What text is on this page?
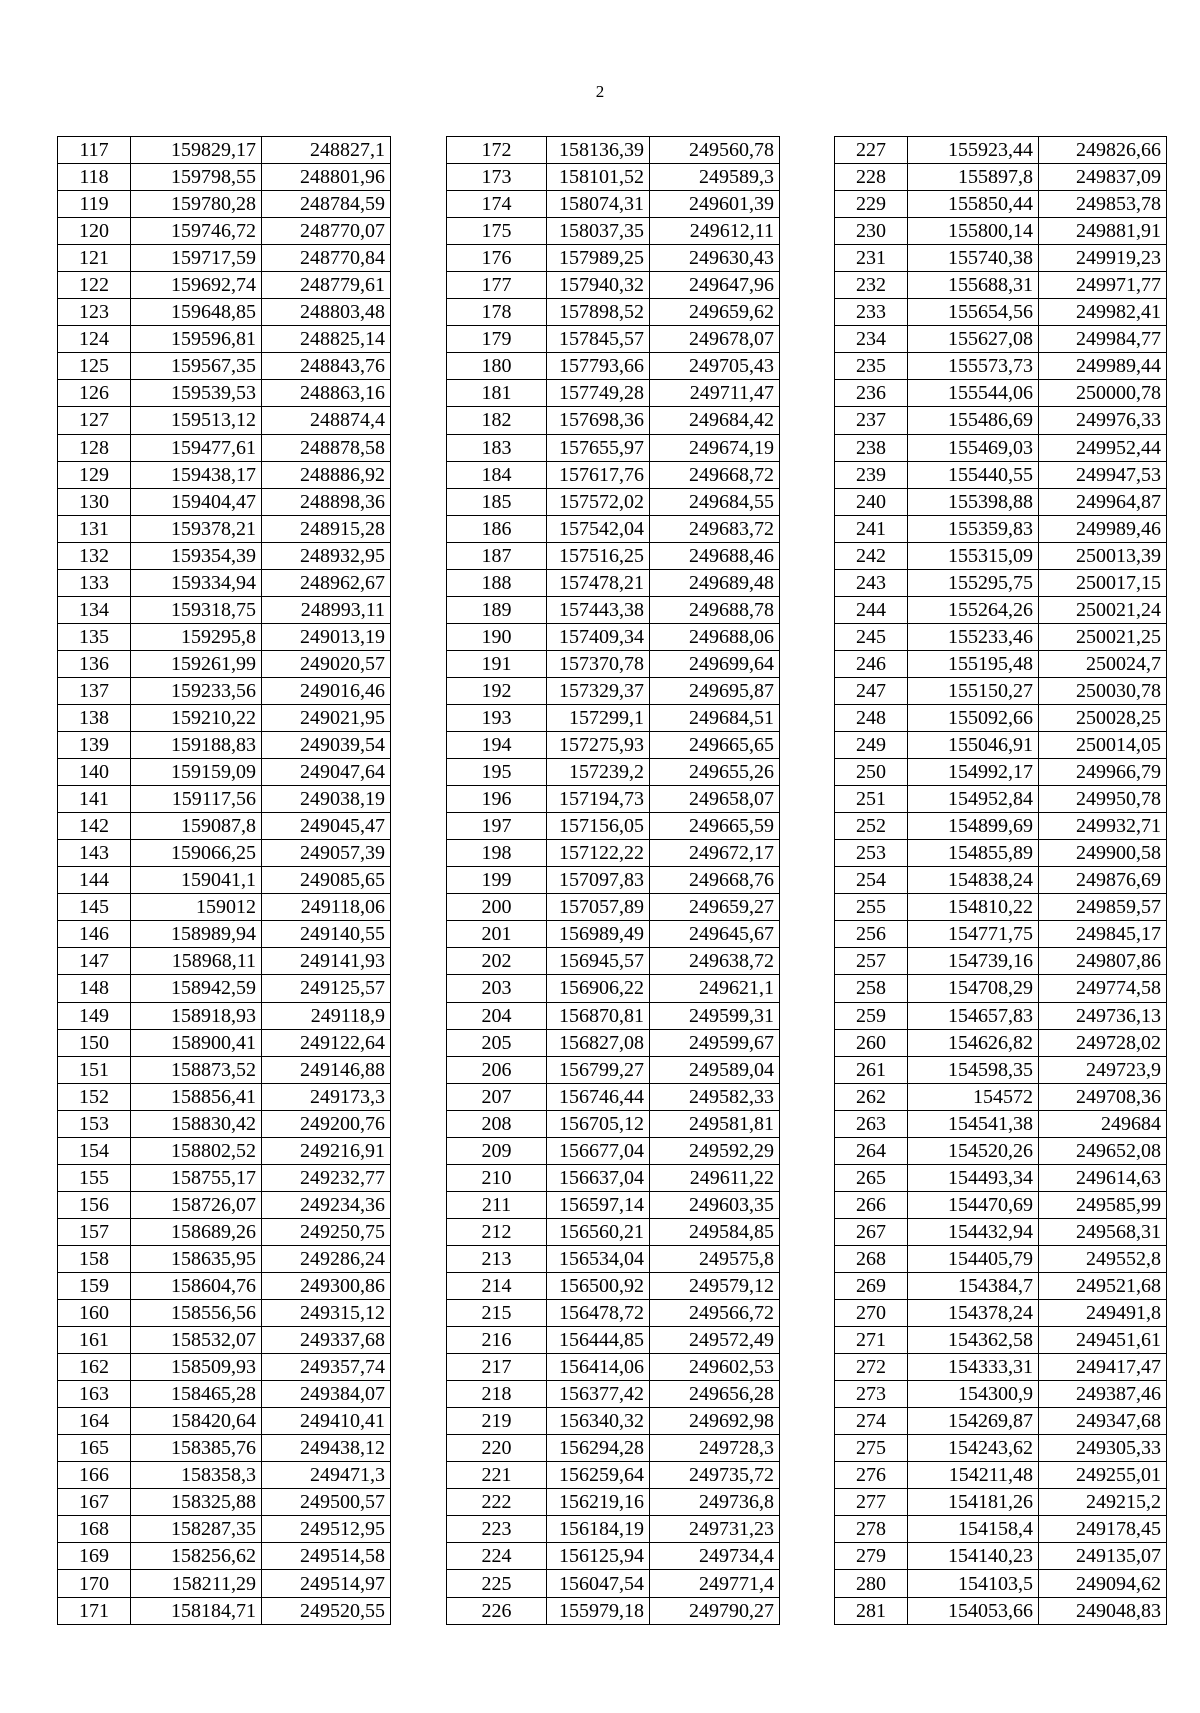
2
117	159829,17	248827,1
118	159798,55	248801,96
119	159780,28	248784,59
120	159746,72	248770,07
121	159717,59	248770,84
122	159692,74	248779,61
123	159648,85	248803,48
124	159596,81	248825,14
125	159567,35	248843,76
126	159539,53	248863,16
127	159513,12	248874,4
128	159477,61	248878,58
129	159438,17	248886,92
130	159404,47	248898,36
131	159378,21	248915,28
132	159354,39	248932,95
133	159334,94	248962,67
134	159318,75	248993,11
135	159295,8	249013,19
136	159261,99	249020,57
137	159233,56	249016,46
138	159210,22	249021,95
139	159188,83	249039,54
140	159159,09	249047,64
141	159117,56	249038,19
142	159087,8	249045,47
143	159066,25	249057,39
144	159041,1	249085,65
145	159012	249118,06
146	158989,94	249140,55
147	158968,11	249141,93
148	158942,59	249125,57
149	158918,93	249118,9
150	158900,41	249122,64
151	158873,52	249146,88
152	158856,41	249173,3
153	158830,42	249200,76
154	158802,52	249216,91
155	158755,17	249232,77
156	158726,07	249234,36
157	158689,26	249250,75
158	158635,95	249286,24
159	158604,76	249300,86
160	158556,56	249315,12
161	158532,07	249337,68
162	158509,93	249357,74
163	158465,28	249384,07
164	158420,64	249410,41
165	158385,76	249438,12
166	158358,3	249471,3
167	158325,88	249500,57
168	158287,35	249512,95
169	158256,62	249514,58
170	158211,29	249514,97
171	158184,71	249520,55
172	158136,39	249560,78
173	158101,52	249589,3
174	158074,31	249601,39
175	158037,35	249612,11
176	157989,25	249630,43
177	157940,32	249647,96
178	157898,52	249659,62
179	157845,57	249678,07
180	157793,66	249705,43
181	157749,28	249711,47
182	157698,36	249684,42
183	157655,97	249674,19
184	157617,76	249668,72
185	157572,02	249684,55
186	157542,04	249683,72
187	157516,25	249688,46
188	157478,21	249689,48
189	157443,38	249688,78
190	157409,34	249688,06
191	157370,78	249699,64
192	157329,37	249695,87
193	157299,1	249684,51
194	157275,93	249665,65
195	157239,2	249655,26
196	157194,73	249658,07
197	157156,05	249665,59
198	157122,22	249672,17
199	157097,83	249668,76
200	157057,89	249659,27
201	156989,49	249645,67
202	156945,57	249638,72
203	156906,22	249621,1
204	156870,81	249599,31
205	156827,08	249599,67
206	156799,27	249589,04
207	156746,44	249582,33
208	156705,12	249581,81
209	156677,04	249592,29
210	156637,04	249611,22
211	156597,14	249603,35
212	156560,21	249584,85
213	156534,04	249575,8
214	156500,92	249579,12
215	156478,72	249566,72
216	156444,85	249572,49
217	156414,06	249602,53
218	156377,42	249656,28
219	156340,32	249692,98
220	156294,28	249728,3
221	156259,64	249735,72
222	156219,16	249736,8
223	156184,19	249731,23
224	156125,94	249734,4
225	156047,54	249771,4
226	155979,18	249790,27
227	155923,44	249826,66
228	155897,8	249837,09
229	155850,44	249853,78
230	155800,14	249881,91
231	155740,38	249919,23
232	155688,31	249971,77
233	155654,56	249982,41
234	155627,08	249984,77
235	155573,73	249989,44
236	155544,06	250000,78
237	155486,69	249976,33
238	155469,03	249952,44
239	155440,55	249947,53
240	155398,88	249964,87
241	155359,83	249989,46
242	155315,09	250013,39
243	155295,75	250017,15
244	155264,26	250021,24
245	155233,46	250021,25
246	155195,48	250024,7
247	155150,27	250030,78
248	155092,66	250028,25
249	155046,91	250014,05
250	154992,17	249966,79
251	154952,84	249950,78
252	154899,69	249932,71
253	154855,89	249900,58
254	154838,24	249876,69
255	154810,22	249859,57
256	154771,75	249845,17
257	154739,16	249807,86
258	154708,29	249774,58
259	154657,83	249736,13
260	154626,82	249728,02
261	154598,35	249723,9
262	154572	249708,36
263	154541,38	249684
264	154520,26	249652,08
265	154493,34	249614,63
266	154470,69	249585,99
267	154432,94	249568,31
268	154405,79	249552,8
269	154384,7	249521,68
270	154378,24	249491,8
271	154362,58	249451,61
272	154333,31	249417,47
273	154300,9	249387,46
274	154269,87	249347,68
275	154243,62	249305,33
276	154211,48	249255,01
277	154181,26	249215,2
278	154158,4	249178,45
279	154140,23	249135,07
280	154103,5	249094,62
281	154053,66	249048,83
